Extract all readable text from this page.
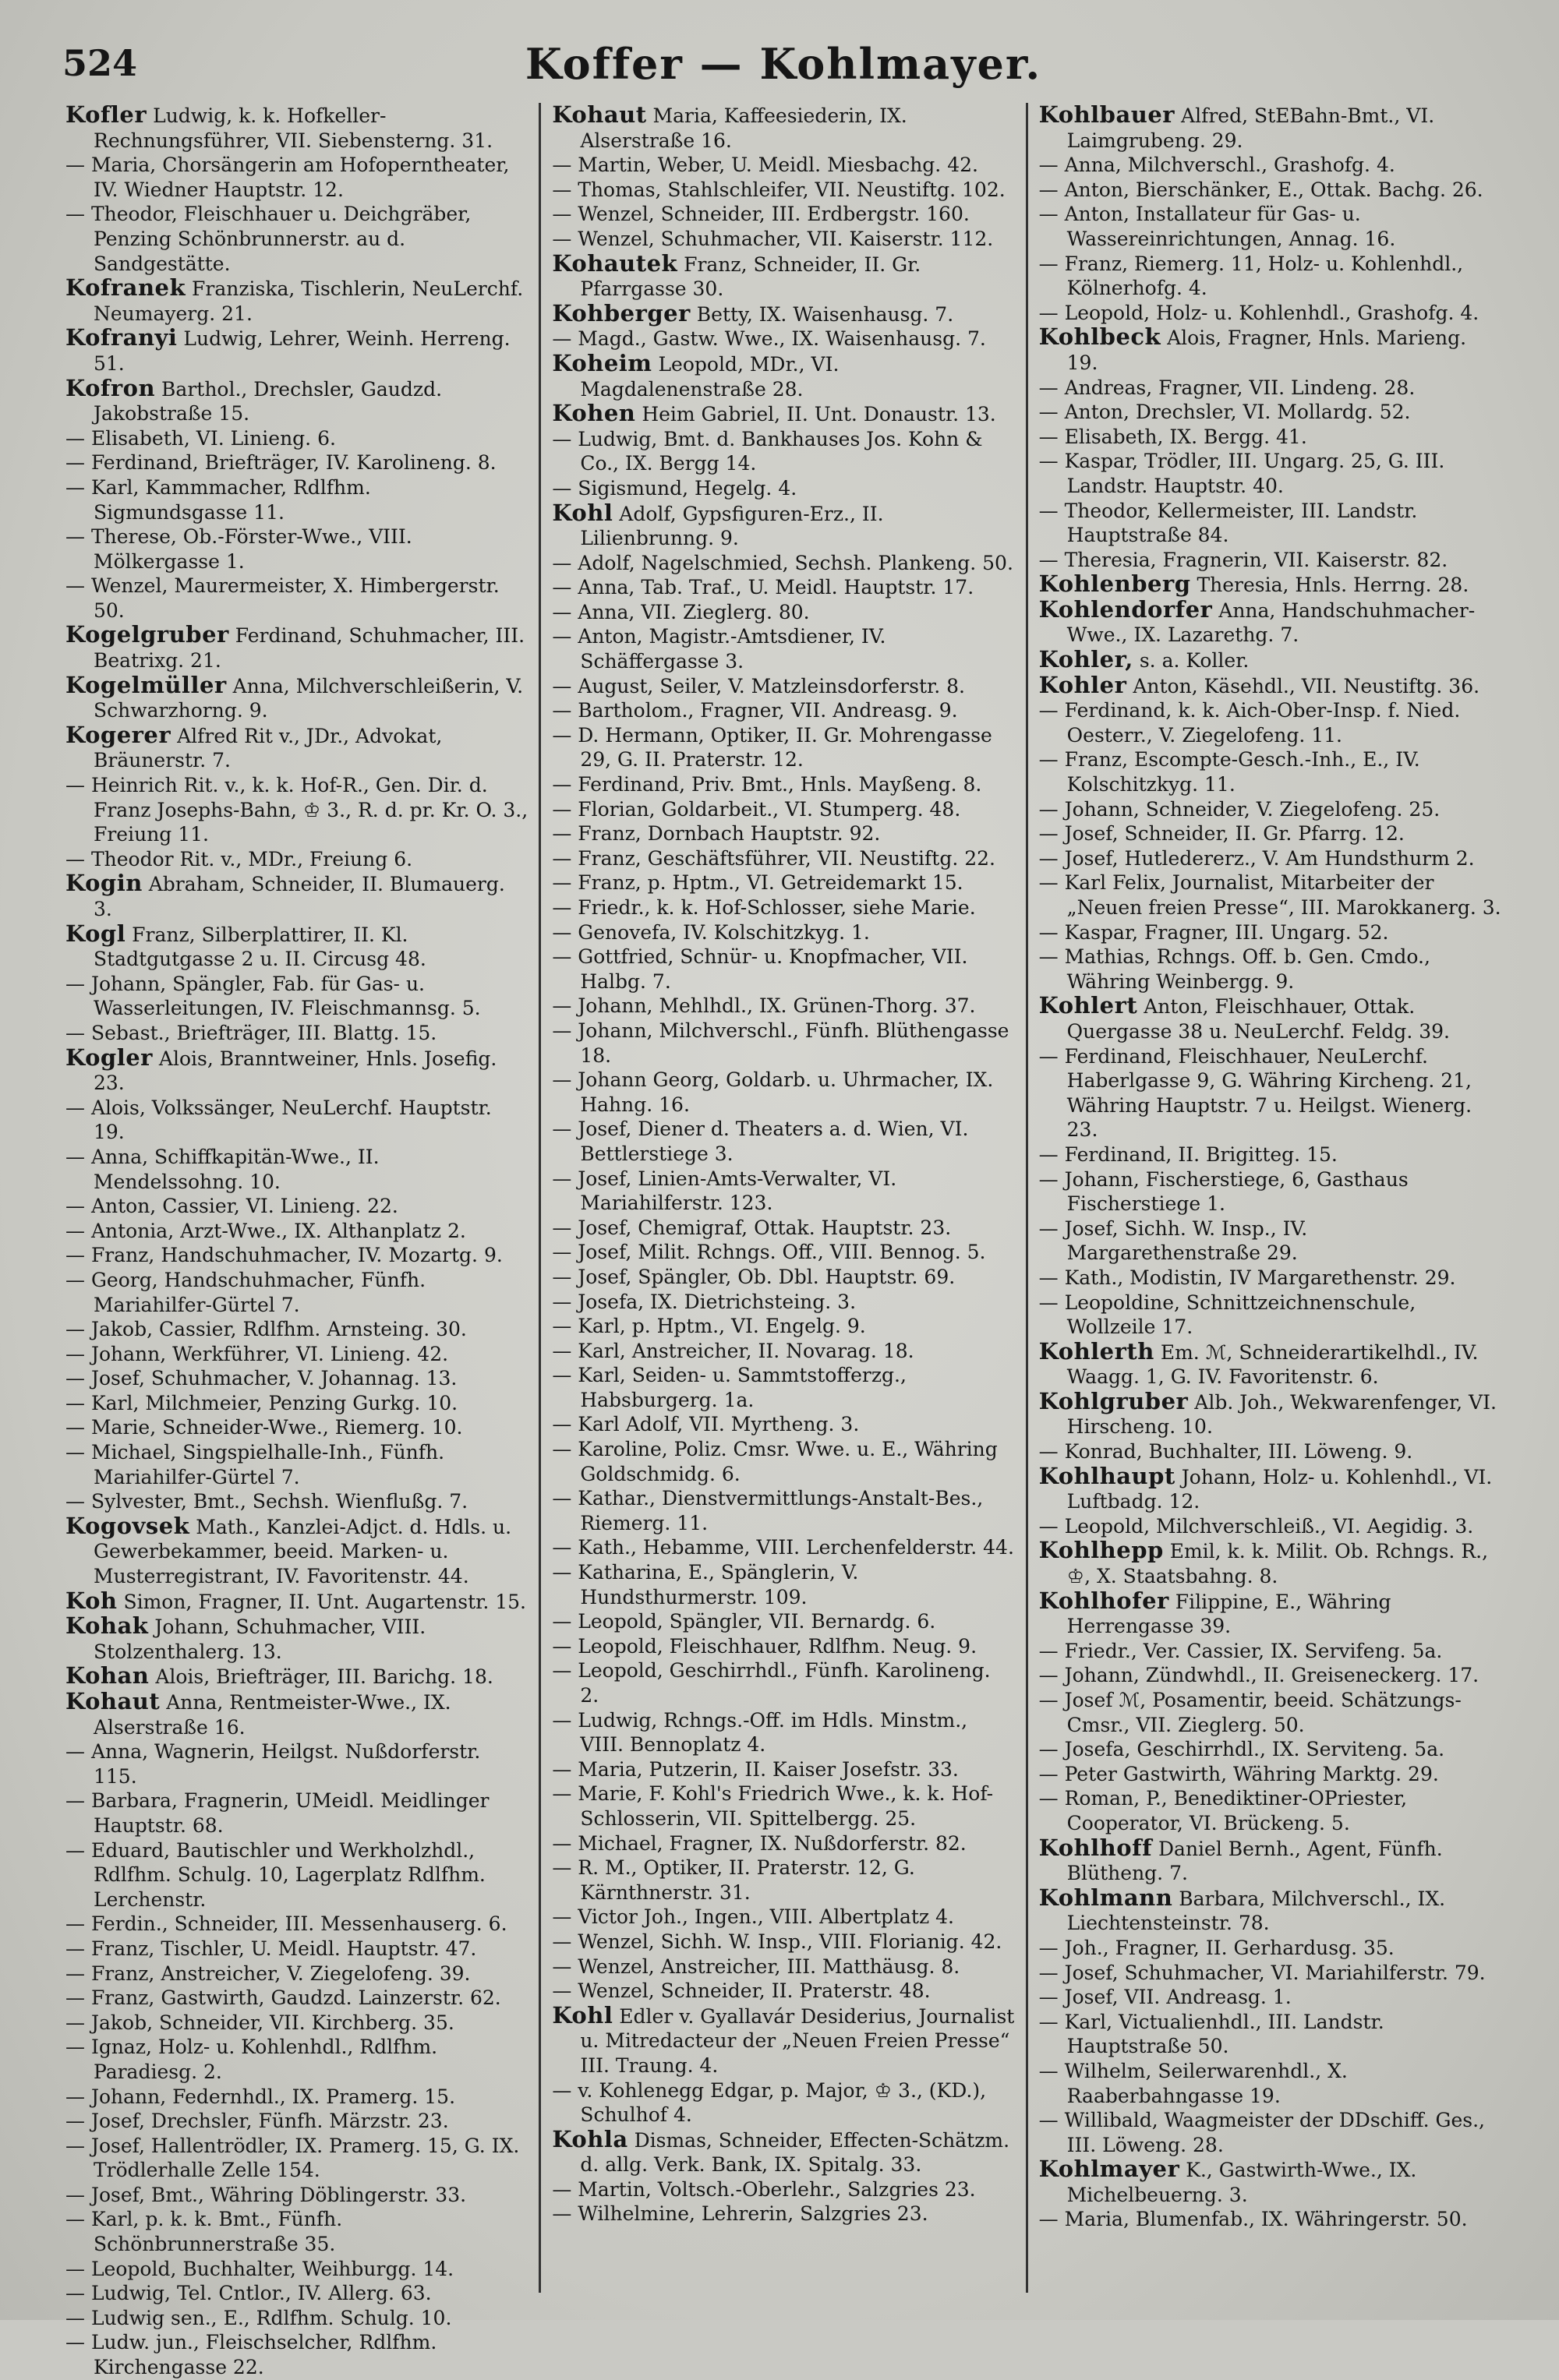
524	Koffer — Kohlmayer.
Kofler Ludwig, k. k. Hofkeller-Rechnungsführer, VII. Siebensterng. 31.
— Maria, Chorsängerin am Hofoperntheater, IV. Wiedner Hauptstr. 12.
— Theodor, Fleischhauer u. Deichgräber, Penzing Schönbrunnerstr. au d. Sandgestätte.
Kofranek Franziska, Tischlerin, NeuLerchf. Neumayerg. 21.
Kofranyi Ludwig, Lehrer, Weinh. Herreng. 51.
Kofron Barthol., Drechsler, Gaudzd. Jakobstraße 15.
— Elisabeth, VI. Linieng. 6.
— Ferdinand, Briefträger, IV. Karolineng. 8.
— Karl, Kammmacher, Rdlfhm. Sigmundsgasse 11.
— Therese, Ob.-Förster-Wwe., VIII. Mölkergasse 1.
— Wenzel, Maurermeister, X. Himbergerstr. 50.
Kogelgruber Ferdinand, Schuhmacher, III. Beatrixg. 21.
Kogelmüller Anna, Milchverschleißerin, V. Schwarzhorng. 9.
Kogerer Alfred Rit v., JDr., Advokat, Bräunerstr. 7.
— Heinrich Rit. v., k. k. Hof-R., Gen. Dir. d. Franz Josephs-Bahn, ♔ 3., R. d. pr. Kr. O. 3., Freiung 11.
— Theodor Rit. v., MDr., Freiung 6.
Kogin Abraham, Schneider, II. Blumauerg. 3.
Kogl Franz, Silberplattirer, II. Kl. Stadtgutgasse 2 u. II. Circusg 48.
— Johann, Spängler, Fab. für Gas- u. Wasserleitungen, IV. Fleischmannsg. 5.
— Sebast., Briefträger, III. Blattg. 15.
Kogler Alois, Branntweiner, Hnls. Josefig. 23.
— Alois, Volkssänger, NeuLerchf. Hauptstr. 19.
— Anna, Schiffkapitän-Wwe., II. Mendelssohng. 10.
— Anton, Cassier, VI. Linieng. 22.
— Antonia, Arzt-Wwe., IX. Althanplatz 2.
— Franz, Handschuhmacher, IV. Mozartg. 9.
— Georg, Handschuhmacher, Fünfh. Mariahilfer-Gürtel 7.
— Jakob, Cassier, Rdlfhm. Arnsteing. 30.
— Johann, Werkführer, VI. Linieng. 42.
— Josef, Schuhmacher, V. Johannag. 13.
— Karl, Milchmeier, Penzing Gurkg. 10.
— Marie, Schneider-Wwe., Riemerg. 10.
— Michael, Singspielhalle-Inh., Fünfh. Mariahilfer-Gürtel 7.
— Sylvester, Bmt., Sechsh. Wienflußg. 7.
Kogovsek Math., Kanzlei-Adjct. d. Hdls. u. Gewerbekammer, beeid. Marken- u. Musterregistrant, IV. Favoritenstr. 44.
Koh Simon, Fragner, II. Unt. Augartenstr. 15.
Kohak Johann, Schuhmacher, VIII. Stolzenthalerg. 13.
Kohan Alois, Briefträger, III. Barichg. 18.
Kohaut Anna, Rentmeister-Wwe., IX. Alserstraße 16.
— Anna, Wagnerin, Heilgst. Nußdorferstr. 115.
— Barbara, Fragnerin, UMeidl. Meidlinger Hauptstr. 68.
— Eduard, Bautischler und Werkholzhdl., Rdlfhm. Schulg. 10, Lagerplatz Rdlfhm. Lerchenstr.
— Ferdin., Schneider, III. Messenhauserg. 6.
— Franz, Tischler, U. Meidl. Hauptstr. 47.
— Franz, Anstreicher, V. Ziegelofeng. 39.
— Franz, Gastwirth, Gaudzd. Lainzerstr. 62.
— Jakob, Schneider, VII. Kirchberg. 35.
— Ignaz, Holz- u. Kohlenhdl., Rdlfhm. Paradiesg. 2.
— Johann, Federnhdl., IX. Pramerg. 15.
— Josef, Drechsler, Fünfh. Märzstr. 23.
— Josef, Hallentrödler, IX. Pramerg. 15, G. IX. Trödlerhalle Zelle 154.
— Josef, Bmt., Währing Döblingerstr. 33.
— Karl, p. k. k. Bmt., Fünfh. Schönbrunnerstraße 35.
— Leopold, Buchhalter, Weihburgg. 14.
— Ludwig, Tel. Cntlor., IV. Allerg. 63.
— Ludwig sen., E., Rdlfhm. Schulg. 10.
— Ludw. jun., Fleischselcher, Rdlfhm. Kirchengasse 22.
Kohaut Maria, Kaffeesiederin, IX. Alserstraße 16.
— Martin, Weber, U. Meidl. Miesbachg. 42.
— Thomas, Stahlschleifer, VII. Neustiftg. 102.
— Wenzel, Schneider, III. Erdbergstr. 160.
— Wenzel, Schuhmacher, VII. Kaiserstr. 112.
Kohautek Franz, Schneider, II. Gr. Pfarrgasse 30.
Kohberger Betty, IX. Waisenhausg. 7.
— Magd., Gastw. Wwe., IX. Waisenhausg. 7.
Koheim Leopold, MDr., VI. Magdalenenstraße 28.
Kohen Heim Gabriel, II. Unt. Donaustr. 13.
— Ludwig, Bmt. d. Bankhauses Jos. Kohn & Co., IX. Bergg 14.
— Sigismund, Hegelg. 4.
Kohl Adolf, Gypsfiguren-Erz., II. Lilienbrunng. 9.
— Adolf, Nagelschmied, Sechsh. Plankeng. 50.
— Anna, Tab. Traf., U. Meidl. Hauptstr. 17.
— Anna, VII. Zieglerg. 80.
— Anton, Magistr.-Amtsdiener, IV. Schäffergasse 3.
— August, Seiler, V. Matzleinsdorferstr. 8.
— Bartholom., Fragner, VII. Andreasg. 9.
— D. Hermann, Optiker, II. Gr. Mohrengasse 29, G. II. Praterstr. 12.
— Ferdinand, Priv. Bmt., Hnls. Mayßeng. 8.
— Florian, Goldarbeit., VI. Stumperg. 48.
— Franz, Dornbach Hauptstr. 92.
— Franz, Geschäftsführer, VII. Neustiftg. 22.
— Franz, p. Hptm., VI. Getreidemarkt 15.
— Friedr., k. k. Hof-Schlosser, siehe Marie.
— Genovefa, IV. Kolschitzkyg. 1.
— Gottfried, Schnür- u. Knopfmacher, VII. Halbg. 7.
— Johann, Mehlhdl., IX. Grünen-Thorg. 37.
— Johann, Milchverschl., Fünfh. Blüthengasse 18.
— Johann Georg, Goldarb. u. Uhrmacher, IX. Hahng. 16.
— Josef, Diener d. Theaters a. d. Wien, VI. Bettlerstiege 3.
— Josef, Linien-Amts-Verwalter, VI. Mariahilferstr. 123.
— Josef, Chemigraf, Ottak. Hauptstr. 23.
— Josef, Milit. Rchngs. Off., VIII. Bennog. 5.
— Josef, Spängler, Ob. Dbl. Hauptstr. 69.
— Josefa, IX. Dietrichsteing. 3.
— Karl, p. Hptm., VI. Engelg. 9.
— Karl, Anstreicher, II. Novarag. 18.
— Karl, Seiden- u. Sammtstofferzg., Habsburgerg. 1a.
— Karl Adolf, VII. Myrtheng. 3.
— Karoline, Poliz. Cmsr. Wwe. u. E., Währing Goldschmidg. 6.
— Kathar., Dienstvermittlungs-Anstalt-Bes., Riemerg. 11.
— Kath., Hebamme, VIII. Lerchenfelderstr. 44.
— Katharina, E., Spänglerin, V. Hundsthurmerstr. 109.
— Leopold, Spängler, VII. Bernardg. 6.
— Leopold, Fleischhauer, Rdlfhm. Neug. 9.
— Leopold, Geschirrhdl., Fünfh. Karolineng. 2.
— Ludwig, Rchngs.-Off. im Hdls. Minstm., VIII. Bennoplatz 4.
— Maria, Putzerin, II. Kaiser Josefstr. 33.
— Marie, F. Kohl's Friedrich Wwe., k. k. Hof-Schlosserin, VII. Spittelbergg. 25.
— Michael, Fragner, IX. Nußdorferstr. 82.
— R. M., Optiker, II. Praterstr. 12, G. Kärnthnerstr. 31.
— Victor Joh., Ingen., VIII. Albertplatz 4.
— Wenzel, Sichh. W. Insp., VIII. Florianig. 42.
— Wenzel, Anstreicher, III. Matthäusg. 8.
— Wenzel, Schneider, II. Praterstr. 48.
Kohl Edler v. Gyallavár Desiderius, Journalist u. Mitredacteur der „Neuen Freien Presse“ III. Traung. 4.
— v. Kohlenegg Edgar, p. Major, ♔ 3., (KD.), Schulhof 4.
Kohla Dismas, Schneider, Effecten-Schätzm. d. allg. Verk. Bank, IX. Spitalg. 33.
— Martin, Voltsch.-Oberlehr., Salzgries 23.
— Wilhelmine, Lehrerin, Salzgries 23.
Kohlbauer Alfred, StEBahn-Bmt., VI. Laimgrubeng. 29.
— Anna, Milchverschl., Grashofg. 4.
— Anton, Bierschänker, E., Ottak. Bachg. 26.
— Anton, Installateur für Gas- u. Wassereinrichtungen, Annag. 16.
— Franz, Riemerg. 11, Holz- u. Kohlenhdl., Kölnerhofg. 4.
— Leopold, Holz- u. Kohlenhdl., Grashofg. 4.
Kohlbeck Alois, Fragner, Hnls. Marieng. 19.
— Andreas, Fragner, VII. Lindeng. 28.
— Anton, Drechsler, VI. Mollardg. 52.
— Elisabeth, IX. Bergg. 41.
— Kaspar, Trödler, III. Ungarg. 25, G. III. Landstr. Hauptstr. 40.
— Theodor, Kellermeister, III. Landstr. Hauptstraße 84.
— Theresia, Fragnerin, VII. Kaiserstr. 82.
Kohlenberg Theresia, Hnls. Herrng. 28.
Kohlendorfer Anna, Handschuhmacher-Wwe., IX. Lazarethg. 7.
Kohler, s. a. Koller.
Kohler Anton, Käsehdl., VII. Neustiftg. 36.
— Ferdinand, k. k. Aich-Ober-Insp. f. Nied. Oesterr., V. Ziegelofeng. 11.
— Franz, Escompte-Gesch.-Inh., E., IV. Kolschitzkyg. 11.
— Johann, Schneider, V. Ziegelofeng. 25.
— Josef, Schneider, II. Gr. Pfarrg. 12.
— Josef, Hutledererz., V. Am Hundsthurm 2.
— Karl Felix, Journalist, Mitarbeiter der „Neuen freien Presse“, III. Marokkanerg. 3.
— Kaspar, Fragner, III. Ungarg. 52.
— Mathias, Rchngs. Off. b. Gen. Cmdo., Währing Weinbergg. 9.
Kohlert Anton, Fleischhauer, Ottak. Quergasse 38 u. NeuLerchf. Feldg. 39.
— Ferdinand, Fleischhauer, NeuLerchf. Haberlgasse 9, G. Währing Kircheng. 21, Währing Hauptstr. 7 u. Heilgst. Wienerg. 23.
— Ferdinand, II. Brigitteg. 15.
— Johann, Fischerstiege, 6, Gasthaus Fischerstiege 1.
— Josef, Sichh. W. Insp., IV. Margarethenstraße 29.
— Kath., Modistin, IV Margarethenstr. 29.
— Leopoldine, Schnittzeichnenschule, Wollzeile 17.
Kohlerth Em. ℳ, Schneiderartikelhdl., IV. Waagg. 1, G. IV. Favoritenstr. 6.
Kohlgruber Alb. Joh., Wekwarenfenger, VI. Hirscheng. 10.
— Konrad, Buchhalter, III. Löweng. 9.
Kohlhaupt Johann, Holz- u. Kohlenhdl., VI. Luftbadg. 12.
— Leopold, Milchverschleiß., VI. Aegidig. 3.
Kohlhepp Emil, k. k. Milit. Ob. Rchngs. R., ♔, X. Staatsbahng. 8.
Kohlhofer Filippine, E., Währing Herrengasse 39.
— Friedr., Ver. Cassier, IX. Servifeng. 5a.
— Johann, Zündwhdl., II. Greiseneckerg. 17.
— Josef ℳ, Posamentir, beeid. Schätzungs-Cmsr., VII. Zieglerg. 50.
— Josefa, Geschirrhdl., IX. Serviteng. 5a.
— Peter Gastwirth, Währing Marktg. 29.
— Roman, P., Benediktiner-OPriester, Cooperator, VI. Brückeng. 5.
Kohlhoff Daniel Bernh., Agent, Fünfh. Blütheng. 7.
Kohlmann Barbara, Milchverschl., IX. Liechtensteinstr. 78.
— Joh., Fragner, II. Gerhardusg. 35.
— Josef, Schuhmacher, VI. Mariahilferstr. 79.
— Josef, VII. Andreasg. 1.
— Karl, Victualienhdl., III. Landstr. Hauptstraße 50.
— Wilhelm, Seilerwarenhdl., X. Raaberbahngasse 19.
— Willibald, Waagmeister der DDschiff. Ges., III. Löweng. 28.
Kohlmayer K., Gastwirth-Wwe., IX. Michelbeuerng. 3.
— Maria, Blumenfab., IX. Währingerstr. 50.
